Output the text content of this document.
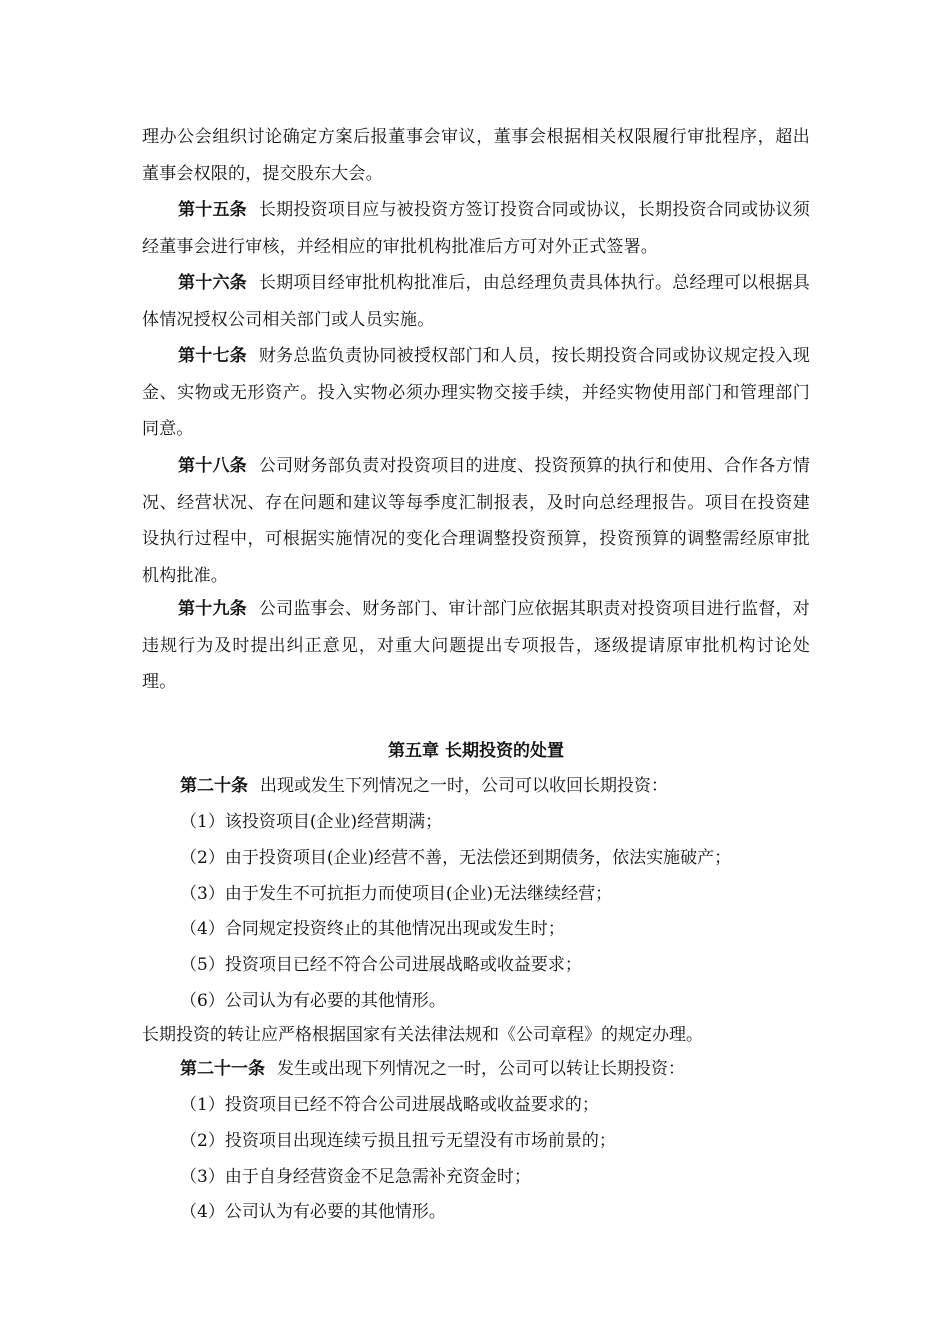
理办公会组织讨论确定方案后报董事会审议，董事会根据相关权限履行审批程序，超出董事会权限的，提交股东大会。
第十五条 长期投资项目应与被投资方签订投资合同或协议，长期投资合同或协议须经董事会进行审核，并经相应的审批机构批准后方可对外正式签署。
第十六条 长期项目经审批机构批准后，由总经理负责具体执行。总经理可以根据具体情况授权公司相关部门或人员实施。
第十七条 财务总监负责协同被授权部门和人员，按长期投资合同或协议规定投入现金、实物或无形资产。投入实物必须办理实物交接手续，并经实物使用部门和管理部门同意。
第十八条 公司财务部负责对投资项目的进度、投资预算的执行和使用、合作各方情况、经营状况、存在问题和建议等每季度汇制报表，及时向总经理报告。项目在投资建设执行过程中，可根据实施情况的变化合理调整投资预算，投资预算的调整需经原审批机构批准。
第十九条 公司监事会、财务部门、审计部门应依据其职责对投资项目进行监督，对违规行为及时提出纠正意见，对重大问题提出专项报告，逐级提请原审批机构讨论处理。
第五章 长期投资的处置
第二十条 出现或发生下列情况之一时，公司可以收回长期投资：
（1）该投资项目(企业)经营期满；
（2）由于投资项目(企业)经营不善，无法偿还到期债务，依法实施破产；
（3）由于发生不可抗拒力而使项目(企业)无法继续经营；
（4）合同规定投资终止的其他情况出现或发生时；
（5）投资项目已经不符合公司进展战略或收益要求；
（6）公司认为有必要的其他情形。
长期投资的转让应严格根据国家有关法律法规和《公司章程》的规定办理。
第二十一条 发生或出现下列情况之一时，公司可以转让长期投资：
（1）投资项目已经不符合公司进展战略或收益要求的；
（2）投资项目出现连续亏损且扭亏无望没有市场前景的；
（3）由于自身经营资金不足急需补充资金时；
（4）公司认为有必要的其他情形。
